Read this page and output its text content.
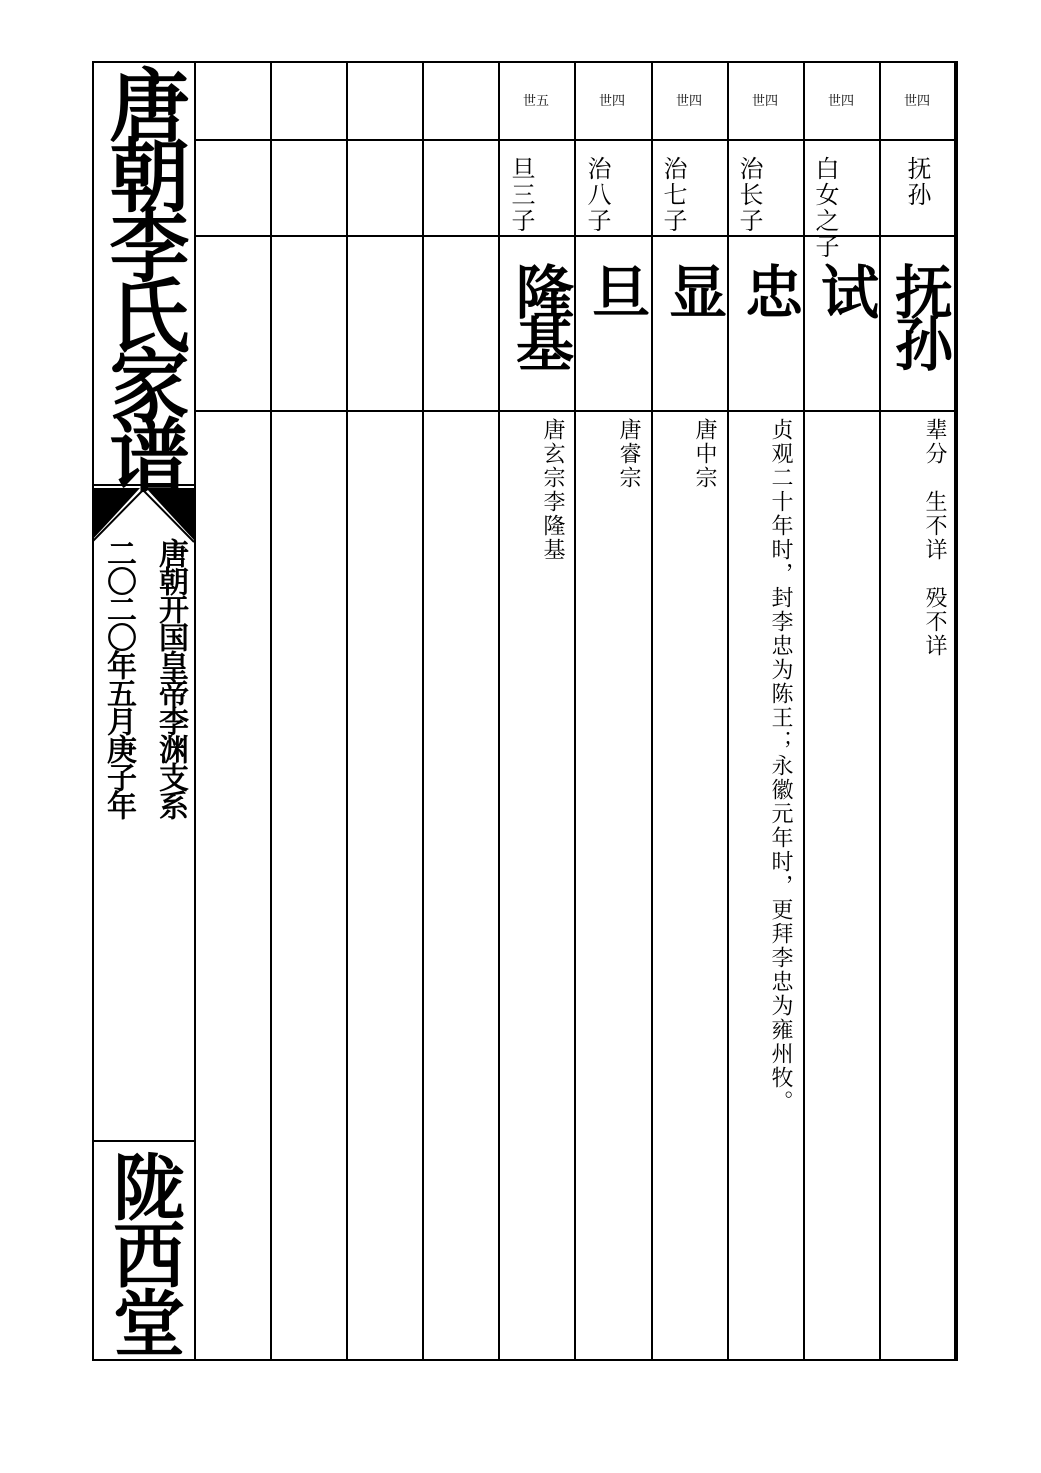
唐朝李氏家谱
唐朝开国皇帝李渊支系
二〇二〇年五月庚子年
陇西堂
世四
抚孙
抚孙
辈分　生不详　殁不详
世四
白女之子
试
世四
治长子
忠
贞观二十年时，封李忠为陈王；永徽元年时，更拜李忠为雍州牧。
世四
治七子
显
唐中宗
世四
治八子
旦
唐睿宗
世五
旦三子
隆基
唐玄宗李隆基
